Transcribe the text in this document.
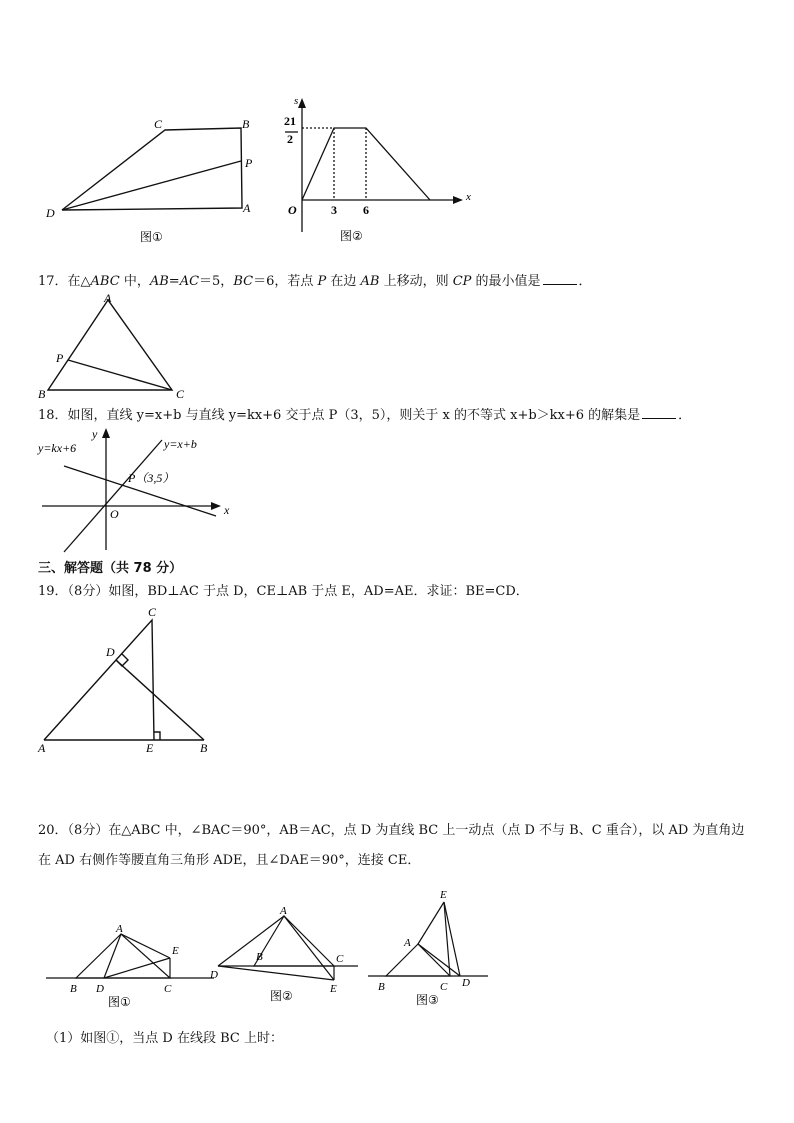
C	B
P
D	A
图①
s
x
21
2
O	3 6
图②
17．在△ABC 中，AB=AC＝5，BC＝6，若点 P 在边 AB 上移动，则 CP 的最小值是	．
A
P
B	C
18．如图，直线 y=x+b 与直线 y=kx+6 交于点 P（3，5），则关于 x 的不等式 x+b＞kx+6 的解集是	．
x
y
O
y=kx+6	y=x+b
P（3,5）
三、解答题（共 78 分）
19．（8分）如图，BD⊥AC 于点 D，CE⊥AB 于点 E，AD=AE．求证：BE=CD．
C
D
A	E	B
20．（8分）在△ABC 中，∠BAC＝90°，AB＝AC，点 D 为直线 BC 上一动点（点 D 不与 B、C 重合），以 AD 为直角边
在 AD 右侧作等腰直角三角形 ADE，且∠DAE＝90°，连接 CE．
A
E
B D	C
图①
A
B	C
D
E
图②
E
A
B	C D
图③
（1）如图①，当点 D 在线段 BC 上时：
